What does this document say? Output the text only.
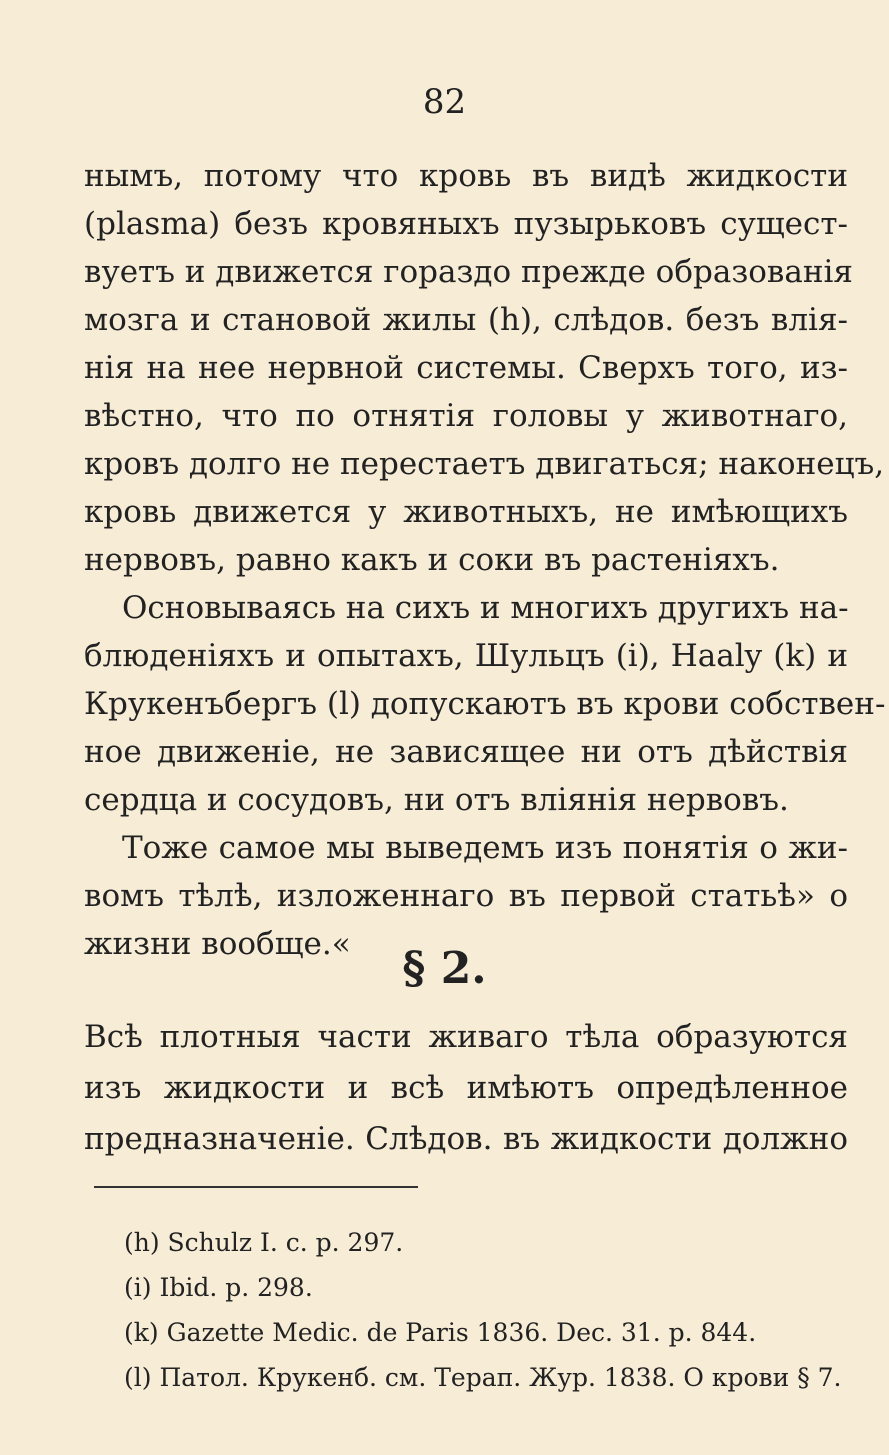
82
нымъ, потому что кровь въ видѣ жидкости
(plasma) безъ кровяныхъ пузырьковъ сущест-
вуетъ и движется гораздо прежде образованія
мозга и становой жилы (h), слѣдов. безъ влія-
нія на нее нервной системы. Сверхъ того, из-
вѣстно, что по отнятія головы у животнаго,
кровъ долго не перестаетъ двигаться; наконецъ,
кровь движется у животныхъ, не имѣющихъ
нервовъ, равно какъ и соки въ растеніяхъ.
Основываясь на сихъ и многихъ другихъ на-
блюденіяхъ и опытахъ, Шульцъ (i), Haaly (k) и
Крукенъбергъ (l) допускаютъ въ крови собствен-
ное движеніе, не зависящее ни отъ дѣйствія
сердца и сосудовъ, ни отъ вліянія нервовъ.
Тоже самое мы выведемъ изъ понятія о жи-
вомъ тѣлѣ, изложеннаго въ первой статьѣ» о
жизни вообще.«	§ 2.
Всѣ плотныя части живаго тѣла образуются
изъ жидкости и всѣ имѣютъ опредѣленное
предназначеніе. Слѣдов. въ жидкости должно
(h) Schulz I. c. p. 297.
(i) Ibid. p. 298.
(k) Gazette Medic. de Paris 1836. Dec. 31. p. 844.
(l) Патол. Крукенб. см. Терап. Жур. 1838. О крови § 7.
